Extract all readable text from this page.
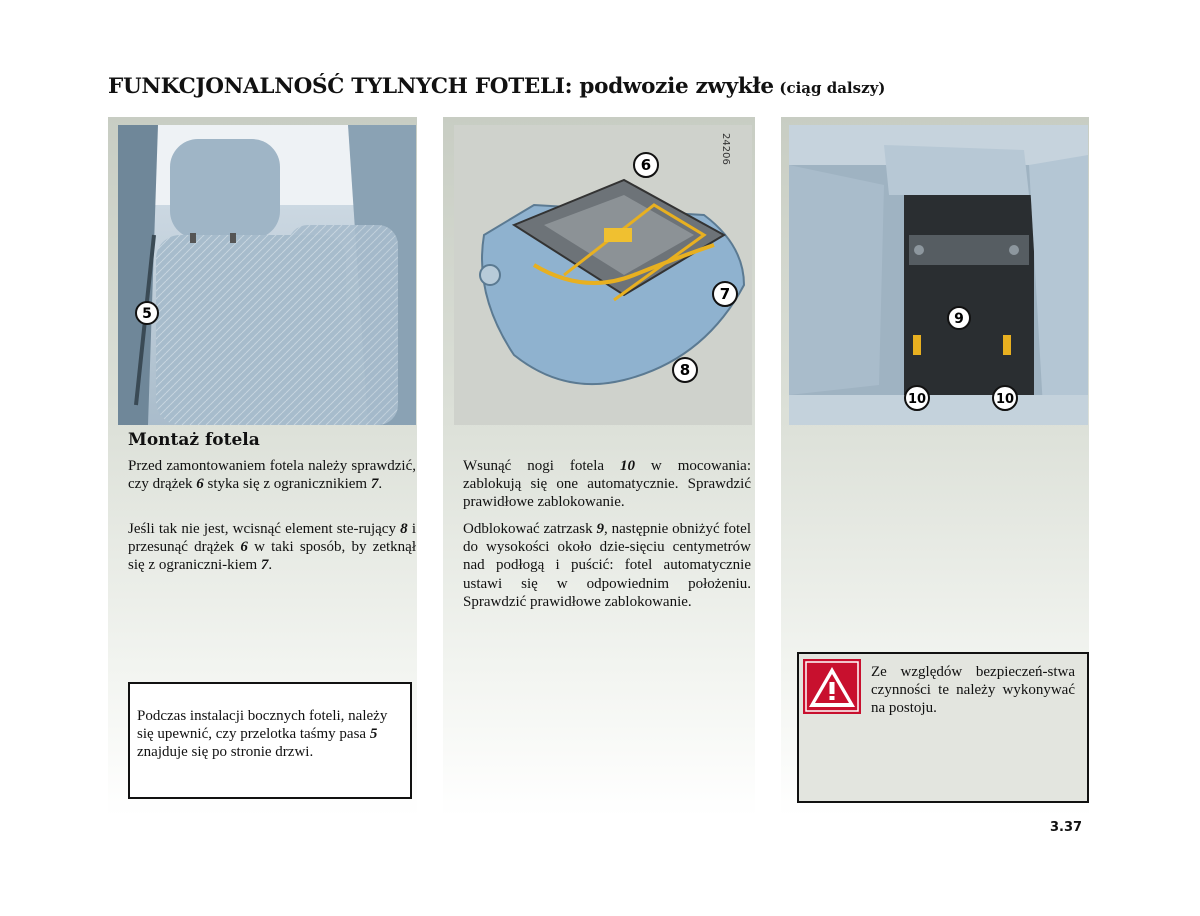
FUNKCJONALNOŚĆ TYLNYCH FOTELI: podwozie zwykłe (ciąg dalszy)
5
24206
6
7
8
9
10	10
Montaż fotela

Przed zamontowaniem fotela należy sprawdzić, czy drążek 6 styka się z ogranicznikiem 7.

Jeśli tak nie jest, wcisnąć element ste-rujący 8 i przesunąć drążek 6 w taki sposób, by zetknął się z ograniczni-kiem 7.

Podczas instalacji bocznych foteli, należy się upewnić, czy przelotka taśmy pasa 5 znajduje się po stronie drzwi.

Wsunąć nogi fotela 10 w mocowania: zablokują się one automatycznie. Sprawdzić prawidłowe zablokowanie.

Odblokować zatrzask 9, następnie obniżyć fotel do wysokości około dzie-sięciu centymetrów nad podłogą i puścić: fotel automatycznie ustawi się w odpowiednim położeniu. Sprawdzić prawidłowe zablokowanie.

Ze względów bezpieczeń-stwa czynności te należy wykonywać na postoju.

3.37
